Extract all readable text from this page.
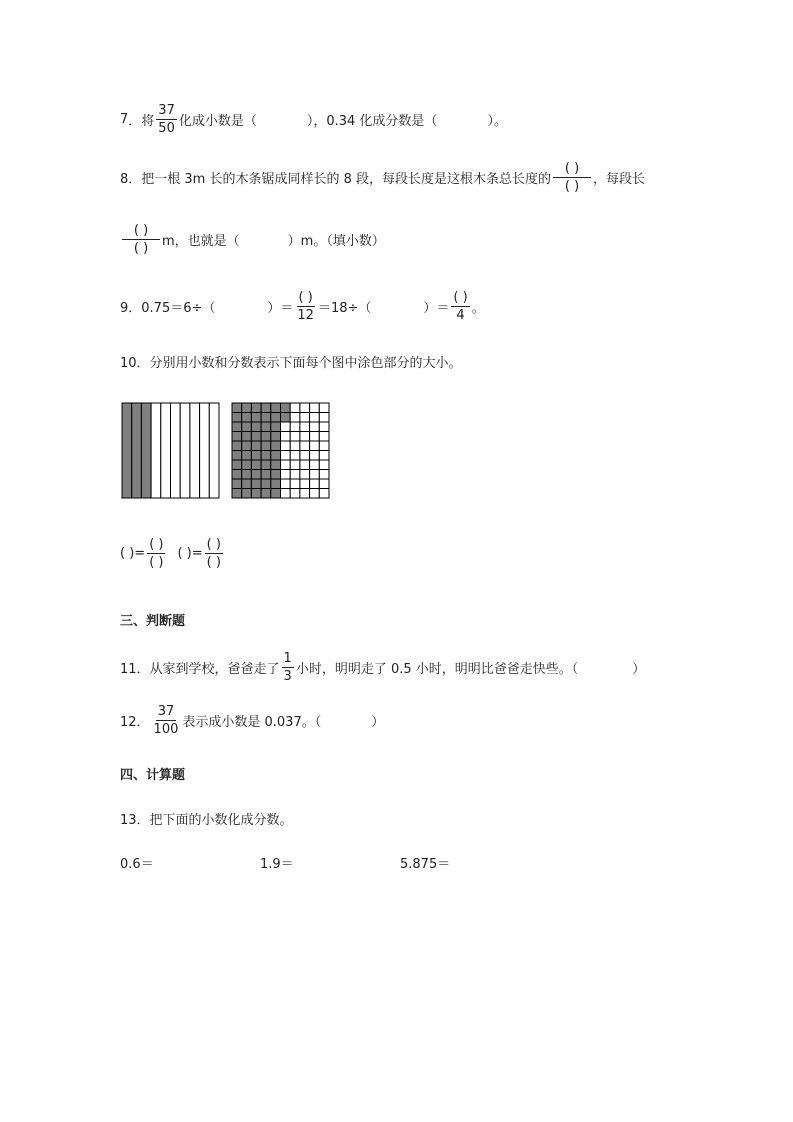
7 ．将 $\frac{37}{50}$ 化成小数是（	），0.34 化成分数是（	）。
8．把一根 3m 长的木条锯成同样长的 8 段，每段长度是这根木条总长度的 $\frac{( )}{( )}$ ，每段长
$\frac{( )}{( )}$ m，也就是（	）m。（填小数）
9．0.75＝6÷（	）＝ $\frac{( )}{12} =18\div$（	）＝ $\frac{( )}{4}$ 。
10．分别用小数和分数表示下面每个图中涂色部分的大小。
( ) = $\frac{( )}{( )}$ ( ) = $\frac{( )}{( )}$
三、判断题
11．从家到学校，爸爸走了 $\frac{1}{3}$ 小时，明明走了 0.5 小时，明明比爸爸走快些。（	）
12． $\frac{37}{100}$ 表示成小数是 0.037。（	）
四、计算题
13．把下面的小数化成分数。
0.6＝	1.9＝	5.875＝
